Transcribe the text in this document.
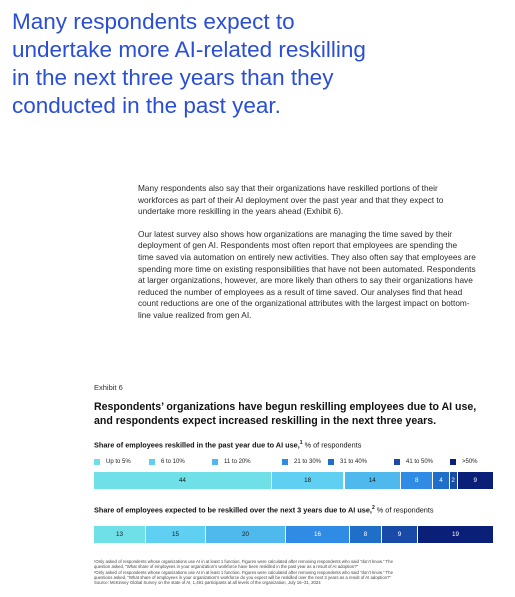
Many respondents expect to
undertake more AI-related reskilling
in the next three years than they
conducted in the past year.
Many respondents also say that their organizations have reskilled portions of their
workforces as part of their AI deployment over the past year and that they expect to
undertake more reskilling in the years ahead (Exhibit 6).
Our latest survey also shows how organizations are managing the time saved by their
deployment of gen AI. Respondents most often report that employees are spending the
time saved via automation on entirely new activities. They also often say that employees are
spending more time on existing responsibilities that have not been automated. Respondents
at larger organizations, however, are more likely than others to say their organizations have
reduced the number of employees as a result of time saved. Our analyses find that head
count reductions are one of the organizational attributes with the largest impact on bottom-
line value realized from gen AI.
Exhibit 6
Respondents’ organizations have begun reskilling employees due to AI use,
and respondents expect increased reskilling in the next three years.
Share of employees reskilled in the past year due to AI use,$^1$ % of respondents
Up to 5%	6 to 10%	11 to 20%	21 to 30%	31 to 40%	41 to 50%	>50%
44	18	14	8	4	2	9
Share of employees expected to be reskilled over the next 3 years due to AI use,$^2$ % of respondents
13	15	20	16	8	9	19
¹Only asked of respondents whose organizations use AI in at least 1 function. Figures were calculated after removing respondents who said “don’t know.” The
question asked, “What share of employees in your organization’s workforce have been reskilled in the past year as a result of AI adoption?”
²Only asked of respondents whose organizations use AI in at least 1 function. Figures were calculated after removing respondents who said “don’t know.” The
questions asked, “What share of employees in your organization’s workforce do you expect will be reskilled over the next 3 years as a result of AI adoption?”
Source: McKinsey Global Survey on the state of AI, 1,491 participants at all levels of the organization, July 16–31, 2024
